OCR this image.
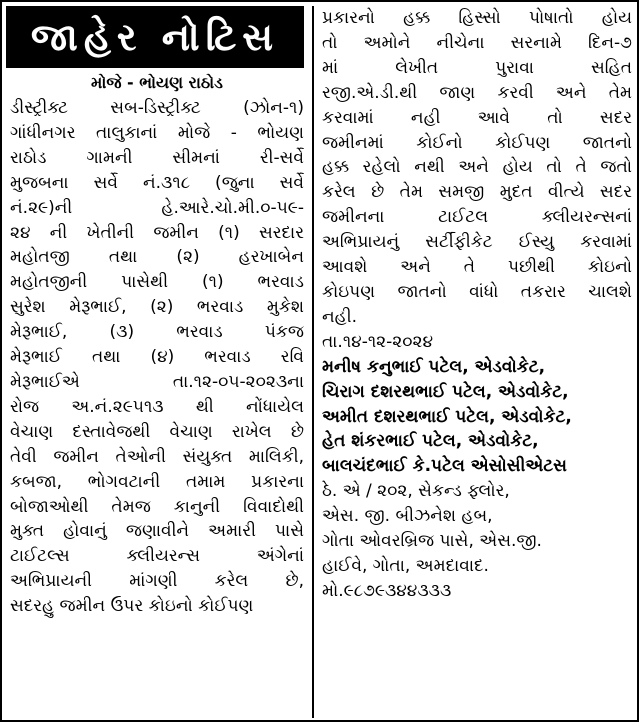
જાહેર નોટિસ
મોજે - ભોયણ રાઠોડ
ડીસ્ટ્રીક્ટ સબ-ડિસ્ટ્રીક્ટ (ઝોન-૧)
ગાંધીનગર તાલુકાનાં મોજે - ભોયણ
રાઠોડ ગામની સીમનાં રી-સર્વે
મુજબના સર્વે નં.૩૧૮ (જુના સર્વે
નં.૨૯)ની હે.આરે.ચો.મી.૦-૫૯-
૨૪ ની ખેતીની જમીન (૧) સરદાર
મહોતજી તથા (૨) હરખાબેન
મહોતજીની પાસેથી (૧) ભરવાડ
સુરેશ મેરૂભાઈ, (૨) ભરવાડ મુકેશ
મેરૂભાઈ, (૩) ભરવાડ પંકજ
મેરૂભાઈ તથા (૪) ભરવાડ રવિ
મેરૂભાઈએ તા.૧૨-૦૫-૨૦૨૩ના
રોજ અ.નં.૨૯૫૧૩ થી નોંધાયેલ
વેચાણ દસ્તાવેજથી વેચાણ રાખેલ છે
તેવી જમીન તેઓની સંયુક્ત માલિકી,
કબજા, ભોગવટાની તમામ પ્રકારના
બોજાઓથી તેમજ કાનુની વિવાદોથી
મુક્ત હોવાનું જણાવીને અમારી પાસે
ટાઈટલ્સ ક્લીયરન્સ અંગેનાં
અભિપ્રાયની માંગણી કરેલ છે,
સદરહુ જમીન ઉપર કોઇનો કોઈપણ
પ્રકારનો હક્ક હિસ્સો પોષાતો હોય
તો અમોને નીચેના સરનામે દિન-૭
માં લેખીત પુરાવા સહિત
રજી.એ.ડી.થી જાણ કરવી અને તેમ
કરવામાં નહી આવે તો સદર
જમીનમાં કોઈનો કોઈપણ જાતનો
હક્ક રહેલો નથી અને હોય તો તે જતો
કરેલ છે તેમ સમજી મુદત વીત્યે સદર
જમીનના ટાઈટલ ક્લીયરન્સનાં
અભિપ્રાયનું સર્ટીફીકેટ ઈસ્યુ કરવામાં
આવશે અને તે પછીથી કોઇનો
કોઇપણ જાતનો વાંધો તકરાર ચાલશે
નહી.
તા.૧૪-૧૨-૨૦૨૪
મનીષ કનુભાઈ પટેલ, એડવોકેટ,
ચિરાગ દશરથભાઈ પટેલ, એડવોકેટ,
અમીત દશરથભાઈ પટેલ, એડવોકેટ,
હેત શંકરભાઈ પટેલ, એડવોકેટ,
બાલચંદભાઈ કે.પટેલ એસોસીએટસ
ઠે. એ / ૨૦૨, સેકન્ડ ફ્લોર,
એસ. જી. બીઝનેશ હબ,
ગોતા ઓવરબ્રિજ પાસે, એસ.જી.
હાઈવે, ગોતા, અમદાવાદ.
મો.૯૮૭૯૩૪૪૩૩૩
